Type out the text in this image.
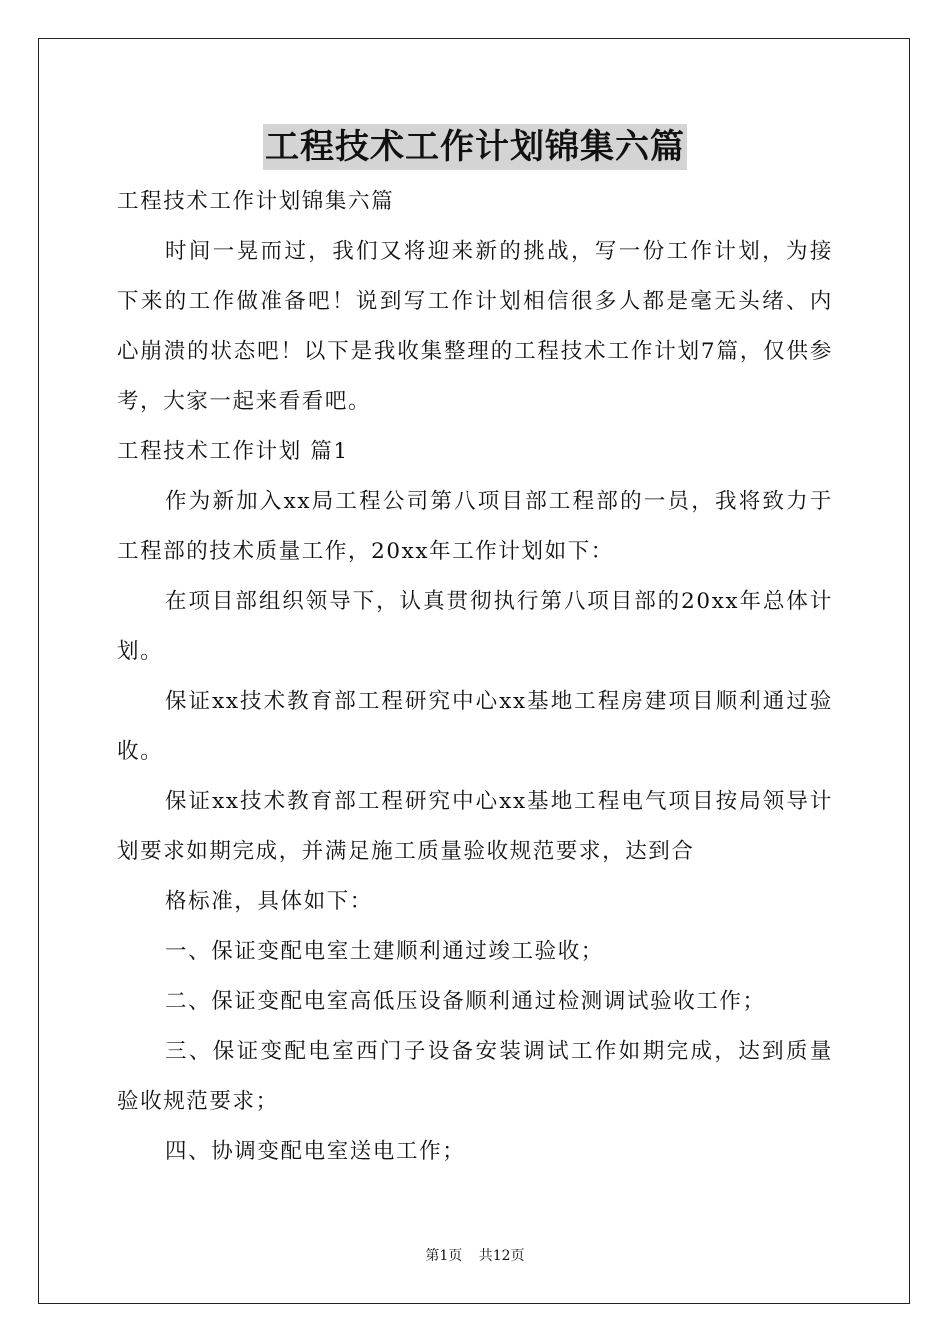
工程技术工作计划锦集六篇

工程技术工作计划锦集六篇

时间一晃而过，我们又将迎来新的挑战，写一份工作计划，为接下来的工作做准备吧！说到写工作计划相信很多人都是毫无头绪、内心崩溃的状态吧！以下是我收集整理的工程技术工作计划7篇，仅供参考，大家一起来看看吧。

工程技术工作计划 篇1

作为新加入xx局工程公司第八项目部工程部的一员，我将致力于工程部的技术质量工作，20xx年工作计划如下：

在项目部组织领导下，认真贯彻执行第八项目部的20xx年总体计划。

保证xx技术教育部工程研究中心xx基地工程房建项目顺利通过验收。

保证xx技术教育部工程研究中心xx基地工程电气项目按局领导计划要求如期完成，并满足施工质量验收规范要求，达到合

格标准，具体如下：

一、保证变配电室土建顺利通过竣工验收；

二、保证变配电室高低压设备顺利通过检测调试验收工作；

三、保证变配电室西门子设备安装调试工作如期完成，达到质量验收规范要求；

四、协调变配电室送电工作；

第1页 共12页
